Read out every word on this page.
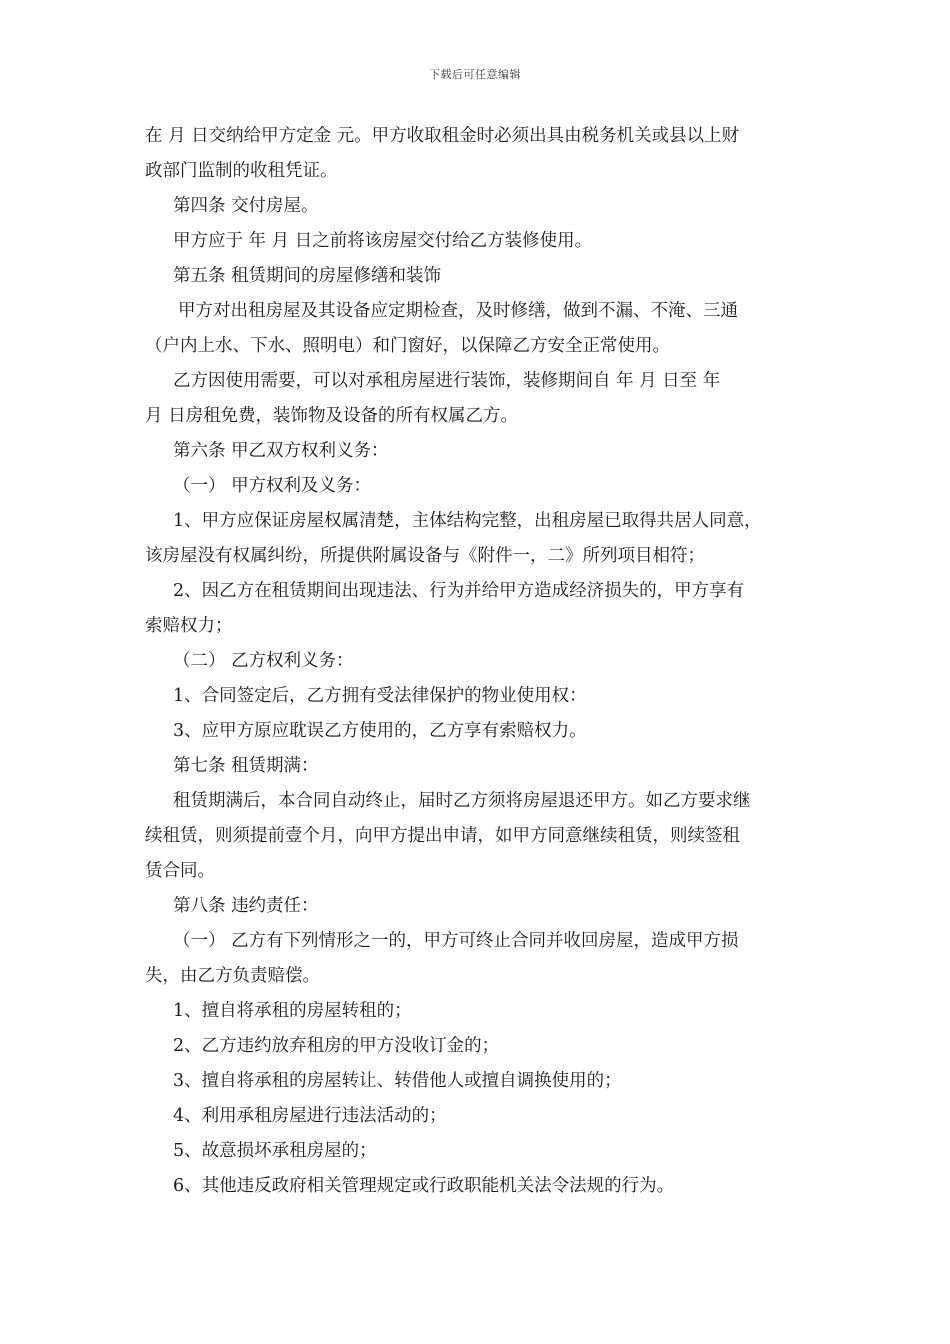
下载后可任意编辑
在 月 日交纳给甲方定金 元。甲方收取租金时必须出具由税务机关或县以上财
政部门监制的收租凭证。
第四条 交付房屋。
甲方应于 年 月 日之前将该房屋交付给乙方装修使用。
第五条 租赁期间的房屋修缮和装饰
甲方对出租房屋及其设备应定期检查，及时修缮，做到不漏、不淹、三通
（户内上水、下水、照明电）和门窗好，以保障乙方安全正常使用。
乙方因使用需要，可以对承租房屋进行装饰，装修期间自 年 月 日至 年
月 日房租免费，装饰物及设备的所有权属乙方。
第六条 甲乙双方权利义务：
（一） 甲方权利及义务：
1、甲方应保证房屋权属清楚，主体结构完整，出租房屋已取得共居人同意，
该房屋没有权属纠纷，所提供附属设备与《附件一，二》所列项目相符；
2、因乙方在租赁期间出现违法、行为并给甲方造成经济损失的，甲方享有
索赔权力；
（二） 乙方权利义务：
1、合同签定后，乙方拥有受法律保护的物业使用权：
3、应甲方原应耽误乙方使用的，乙方享有索赔权力。
第七条 租赁期满：
租赁期满后，本合同自动终止，届时乙方须将房屋退还甲方。如乙方要求继
续租赁，则须提前壹个月，向甲方提出申请，如甲方同意继续租赁，则续签租
赁合同。
第八条 违约责任：
（一） 乙方有下列情形之一的，甲方可终止合同并收回房屋，造成甲方损
失，由乙方负责赔偿。
1、擅自将承租的房屋转租的；
2、乙方违约放弃租房的甲方没收订金的；
3、擅自将承租的房屋转让、转借他人或擅自调换使用的；
4、利用承租房屋进行违法活动的；
5、故意损坏承租房屋的；
6、其他违反政府相关管理规定或行政职能机关法令法规的行为。
